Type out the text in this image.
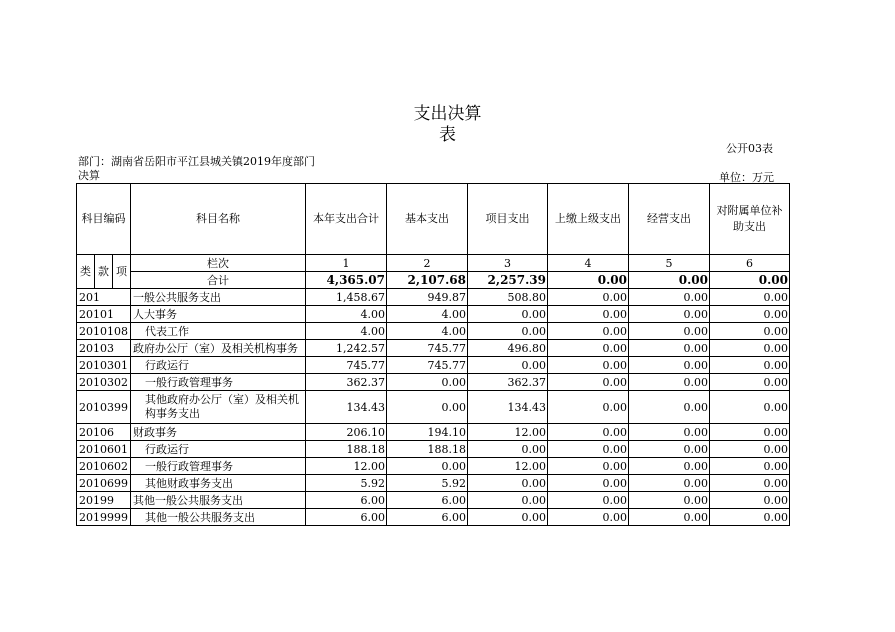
支出决算
表
公开03表
部门：湖南省岳阳市平江县城关镇2019年度部门决算	单位：万元
科目编码			科目名称	本年支出合计	基本支出	项目支出	上缴上级支出	经营支出	对附属单位补助支出
类	款	项	栏次	1	2	3	4	5	6
			合计	4,365.07	2,107.68	2,257.39	0.00	0.00	0.00
201			一般公共服务支出	1,458.67	949.87	508.80	0.00	0.00	0.00
20101			人大事务	4.00	4.00	0.00	0.00	0.00	0.00
2010108			代表工作	4.00	4.00	0.00	0.00	0.00	0.00
20103			政府办公厅（室）及相关机构事务	1,242.57	745.77	496.80	0.00	0.00	0.00
2010301			行政运行	745.77	745.77	0.00	0.00	0.00	0.00
2010302			一般行政管理事务	362.37	0.00	362.37	0.00	0.00	0.00
2010399			其他政府办公厅（室）及相关机构事务支出	134.43	0.00	134.43	0.00	0.00	0.00
20106			财政事务	206.10	194.10	12.00	0.00	0.00	0.00
2010601			行政运行	188.18	188.18	0.00	0.00	0.00	0.00
2010602			一般行政管理事务	12.00	0.00	12.00	0.00	0.00	0.00
2010699			其他财政事务支出	5.92	5.92	0.00	0.00	0.00	0.00
20199			其他一般公共服务支出	6.00	6.00	0.00	0.00	0.00	0.00
2019999			其他一般公共服务支出	6.00	6.00	0.00	0.00	0.00	0.00
